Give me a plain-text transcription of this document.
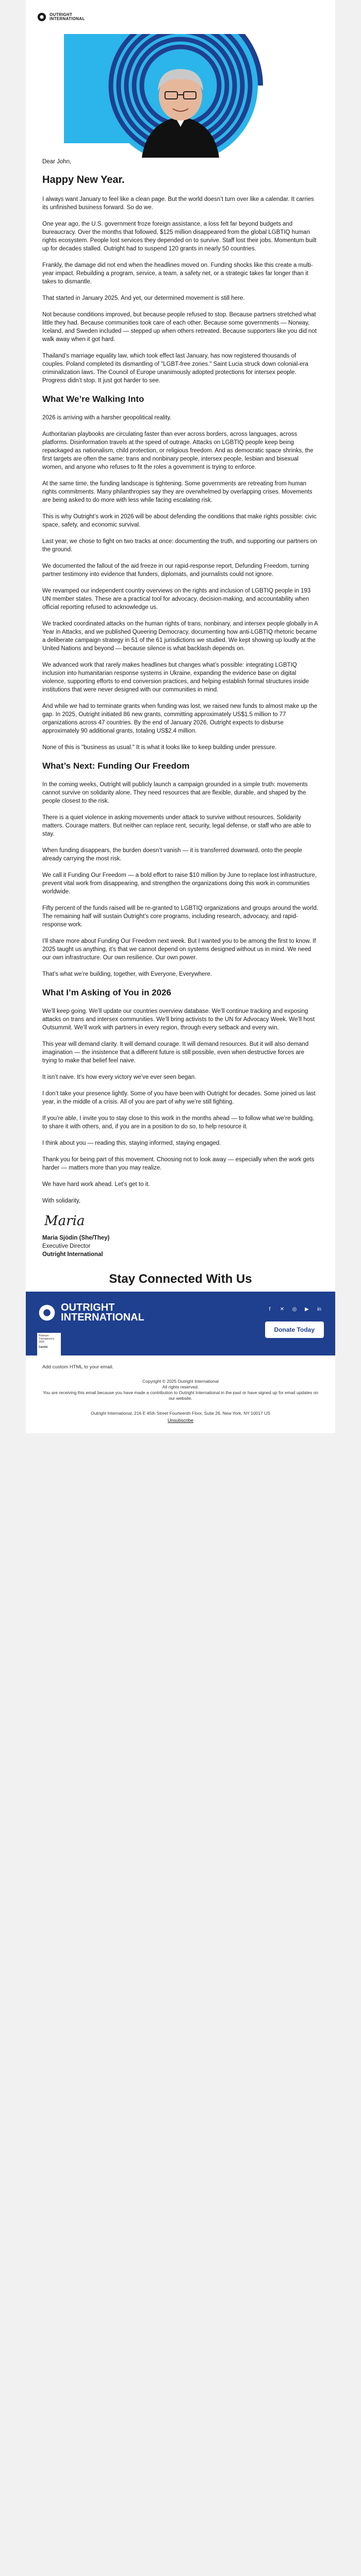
OUTRIGHT
INTERNATIONAL

Dear John,

Happy New Year.

I always want January to feel like a clean page. But the world doesn’t turn over like a calendar. It carries its unfinished business forward. So do we.

One year ago, the U.S. government froze foreign assistance, a loss felt far beyond budgets and bureaucracy. Over the months that followed, $125 million disappeared from the global LGBTIQ human rights ecosystem. People lost services they depended on to survive. Staff lost their jobs. Momentum built up for decades stalled. Outright had to suspend 120 grants in nearly 50 countries.

Frankly, the damage did not end when the headlines moved on. Funding shocks like this create a multi-year impact. Rebuilding a program, service, a team, a safety net, or a strategic takes far longer than it takes to dismantle.

That started in January 2025. And yet, our determined movement is still here.

Not because conditions improved, but because people refused to stop. Because partners stretched what little they had. Because communities took care of each other. Because some governments — Norway, Iceland, and Sweden included — stepped up when others retreated. Because supporters like you did not walk away when it got hard.

Thailand’s marriage equality law, which took effect last January, has now registered thousands of couples. Poland completed its dismantling of "LGBT-free zones." Saint Lucia struck down colonial-era criminalization laws. The Council of Europe unanimously adopted protections for intersex people. Progress didn’t stop. It just got harder to see.

What We’re Walking Into

2026 is arriving with a harsher geopolitical reality.

Authoritarian playbooks are circulating faster than ever across borders, across languages, across platforms. Disinformation travels at the speed of outrage. Attacks on LGBTIQ people keep being repackaged as nationalism, child protection, or religious freedom. And as democratic space shrinks, the first targets are often the same: trans and nonbinary people, intersex people, lesbian and bisexual women, and anyone who refuses to fit the roles a government is trying to enforce.

At the same time, the funding landscape is tightening. Some governments are retreating from human rights commitments. Many philanthropies say they are overwhelmed by overlapping crises. Movements are being asked to do more with less while facing escalating risk.

This is why Outright’s work in 2026 will be about defending the conditions that make rights possible: civic space, safety, and economic survival.

Last year, we chose to fight on two tracks at once: documenting the truth, and supporting our partners on the ground.

We documented the fallout of the aid freeze in our rapid-response report, Defunding Freedom, turning partner testimony into evidence that funders, diplomats, and journalists could not ignore.

We revamped our independent country overviews on the rights and inclusion of LGBTIQ people in 193 UN member states. These are a practical tool for advocacy, decision-making, and accountability when official reporting refused to acknowledge us.

We tracked coordinated attacks on the human rights of trans, nonbinary, and intersex people globally in A Year in Attacks, and we published Queering Democracy, documenting how anti-LGBTIQ rhetoric became a deliberate campaign strategy in 51 of the 61 jurisdictions we studied. We kept showing up loudly at the United Nations and beyond — because silence is what backlash depends on.

We advanced work that rarely makes headlines but changes what’s possible: integrating LGBTIQ inclusion into humanitarian response systems in Ukraine, expanding the evidence base on digital violence, supporting efforts to end conversion practices, and helping establish formal structures inside institutions that were never designed with our communities in mind.

And while we had to terminate grants when funding was lost, we raised new funds to almost make up the gap. In 2025, Outright initiated 86 new grants, committing approximately US$1.5 million to 77 organizations across 47 countries. By the end of January 2026, Outright expects to disburse approximately 90 additional grants, totaling US$2.4 million.

None of this is "business as usual." It is what it looks like to keep building under pressure.

What’s Next: Funding Our Freedom

In the coming weeks, Outright will publicly launch a campaign grounded in a simple truth: movements cannot survive on solidarity alone. They need resources that are flexible, durable, and shaped by the people closest to the risk.

There is a quiet violence in asking movements under attack to survive without resources. Solidarity matters. Courage matters. But neither can replace rent, security, legal defense, or staff who are able to stay.

When funding disappears, the burden doesn’t vanish — it is transferred downward, onto the people already carrying the most risk.

We call it Funding Our Freedom — a bold effort to raise $10 million by June to replace lost infrastructure, prevent vital work from disappearing, and strengthen the organizations doing this work in communities worldwide.

Fifty percent of the funds raised will be re-granted to LGBTIQ organizations and groups around the world. The remaining half will sustain Outright’s core programs, including research, advocacy, and rapid-response work.

I’ll share more about Funding Our Freedom next week. But I wanted you to be among the first to know. If 2025 taught us anything, it’s that we cannot depend on systems designed without us in mind. We need our own infrastructure. Our own resilience. Our own power.

That’s what we’re building, together, with Everyone, Everywhere.

What I’m Asking of You in 2026

We’ll keep going. We’ll update our countries overview database. We’ll continue tracking and exposing attacks on trans and intersex communities. We’ll bring activists to the UN for Advocacy Week. We’ll host Outsummit. We’ll work with partners in every region, through every setback and every win.

This year will demand clarity. It will demand courage. It will demand resources. But it will also demand imagination — the insistence that a different future is still possible, even when destructive forces are trying to make that belief feel naive.

It isn’t naive. It’s how every victory we’ve ever seen began.

I don’t take your presence lightly. Some of you have been with Outright for decades. Some joined us last year, in the middle of a crisis. All of you are part of why we’re still fighting.

If you’re able, I invite you to stay close to this work in the months ahead — to follow what we’re building, to share it with others, and, if you are in a position to do so, to help resource it.

I think about you — reading this, staying informed, staying engaged.

Thank you for being part of this movement. Choosing not to look away — especially when the work gets harder — matters more than you may realize.

We have hard work ahead. Let’s get to it.

With solidarity,

Maria

Maria Sjödin (She/They)

Executive Director

Outright International

Stay Connected With Us
OUTRIGHT
INTERNATIONAL
f	✕ ◎	▶	in
Donate Today
Platinum
Transparency
2025
Candid.
Add custom HTML to your email.
Copyright © 2025 Outright International
All rights reserved.
You are receiving this email because you have made a contribution to Outright International in the past or have signed up for email updates on our website.
Outright International, 216 E 45th Street Fourteenth Floor, Suite 26, New York, NY 10017 US
Unsubscribe
